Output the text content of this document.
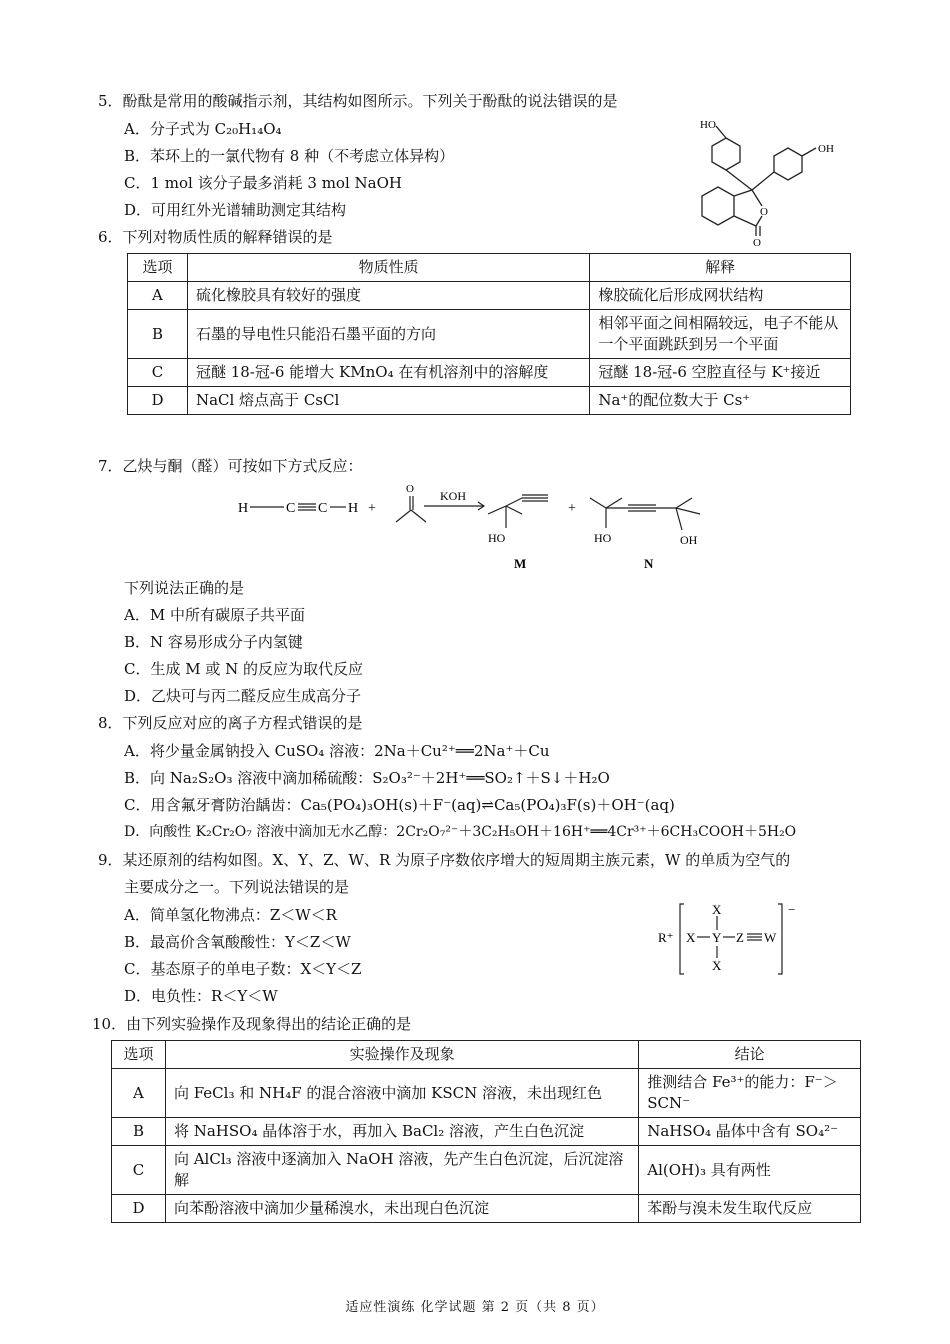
5．酚酞是常用的酸碱指示剂，其结构如图所示。下列关于酚酞的说法错误的是
A．分子式为 C₂₀H₁₄O₄
B．苯环上的一氯代物有 8 种（不考虑立体异构）
C．1 mol 该分子最多消耗 3 mol NaOH
D．可用红外光谱辅助测定其结构
HO
OH
O
O
6．下列对物质性质的解释错误的是
选项	物质性质	解释
A	硫化橡胶具有较好的强度	橡胶硫化后形成网状结构
B	石墨的导电性只能沿石墨平面的方向	相邻平面之间相隔较远，电子不能从一个平面跳跃到另一个平面
C	冠醚 18-冠-6 能增大 KMnO₄ 在有机溶剂中的溶解度	冠醚 18-冠-6 空腔直径与 K⁺接近
D	NaCl 熔点高于 CsCl	Na⁺的配位数大于 Cs⁺
7．乙炔与酮（醛）可按如下方式反应：
H	C C H +
O KOH
+
HO	HO	OH
M	N
下列说法正确的是
A．M 中所有碳原子共平面
B．N 容易形成分子内氢键
C．生成 M 或 N 的反应为取代反应
D．乙炔可与丙二醛反应生成高分子
8．下列反应对应的离子方程式错误的是
A．将少量金属钠投入 CuSO₄ 溶液：2Na＋Cu²⁺══2Na⁺＋Cu
B．向 Na₂S₂O₃ 溶液中滴加稀硫酸：S₂O₃²⁻＋2H⁺══SO₂↑＋S↓＋H₂O
C．用含氟牙膏防治龋齿：Ca₅(PO₄)₃OH(s)＋F⁻(aq)⇌Ca₅(PO₄)₃F(s)＋OH⁻(aq)
D．向酸性 K₂Cr₂O₇ 溶液中滴加无水乙醇：2Cr₂O₇²⁻＋3C₂H₅OH＋16H⁺══4Cr³⁺＋6CH₃COOH＋5H₂O
9．某还原剂的结构如图。X、Y、Z、W、R 为原子序数依序增大的短周期主族元素，W 的单质为空气的
主要成分之一。下列说法错误的是
A．简单氢化物沸点：Z＜W＜R
B．最高价含氧酸酸性：Y＜Z＜W
C．基态原子的单电子数：X＜Y＜Z
D．电负性：R＜Y＜W
R⁺
X
X Y Z W
X
−
10．由下列实验操作及现象得出的结论正确的是
选项	实验操作及现象	结论
A	向 FeCl₃ 和 NH₄F 的混合溶液中滴加 KSCN 溶液，未出现红色	推测结合 Fe³⁺的能力：F⁻＞SCN⁻
B	将 NaHSO₄ 晶体溶于水，再加入 BaCl₂ 溶液，产生白色沉淀	NaHSO₄ 晶体中含有 SO₄²⁻
C	向 AlCl₃ 溶液中逐滴加入 NaOH 溶液，先产生白色沉淀，后沉淀溶解	Al(OH)₃ 具有两性
D	向苯酚溶液中滴加少量稀溴水，未出现白色沉淀	苯酚与溴未发生取代反应
适应性演练 化学试题 第 2 页（共 8 页）
